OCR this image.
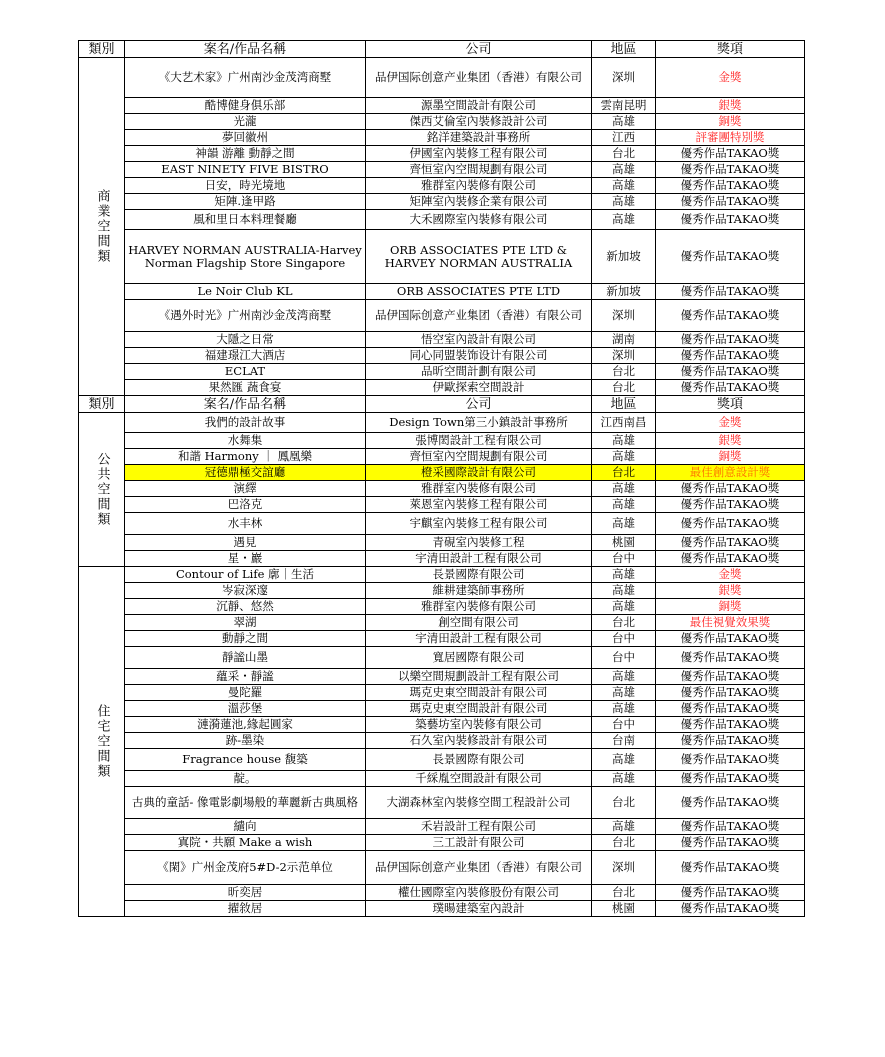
類別	案名/作品名稱	公司	地區	獎項
商業空間類	《大艺术家》广州南沙金茂湾商墅	品伊国际创意产业集团（香港）有限公司	深圳	金獎
	酷博健身俱乐部	源墨空間設計有限公司	雲南昆明	銀獎
	光瀧	傑西艾倫室內裝修設計公司	高雄	銅獎
	夢回徽州	銘洋建築設計事務所	江西	評審團特別獎
	神韻 游離 動靜之間	伊國室內裝修工程有限公司	台北	優秀作品TAKAO獎
	EAST NINETY FIVE BISTRO	齊恒室內空間規劃有限公司	高雄	優秀作品TAKAO獎
	日安，時光境地	雅群室內裝修有限公司	高雄	優秀作品TAKAO獎
	矩陣.逢甲路	矩陣室內裝修企業有限公司	高雄	優秀作品TAKAO獎
	風和里日本料理餐廳	大禾國際室內裝修有限公司	高雄	優秀作品TAKAO獎
	HARVEY NORMAN AUSTRALIA-Harvey Norman Flagship Store Singapore	ORB ASSOCIATES PTE LTD & HARVEY NORMAN AUSTRALIA	新加坡	優秀作品TAKAO獎
	Le Noir Club KL	ORB ASSOCIATES PTE LTD	新加坡	優秀作品TAKAO獎
	《遇外时光》广州南沙金茂湾商墅	品伊国际创意产业集团（香港）有限公司	深圳	優秀作品TAKAO獎
	大隱之日常	悟空室內設計有限公司	湖南	優秀作品TAKAO獎
	福建璟江大酒店	同心同盟裝饰设计有限公司	深圳	優秀作品TAKAO獎
	ECLAT	品昕空間計劃有限公司	台北	優秀作品TAKAO獎
	果然匯 蔬食宴	伊歐探索空間設計	台北	優秀作品TAKAO獎
類別	案名/作品名稱	公司	地區	獎項
公共空間類	我們的設計故事	Design Town第三小鎮設計事務所	江西南昌	金獎
	水舞集	張博閎設計工程有限公司	高雄	銀獎
	和諧 Harmony ｜ 鳳凰樂	齊恒室內空間規劃有限公司	高雄	銅獎
	冠德鼎極交誼廳	橙采國際設計有限公司	台北	最佳創意設計獎
	演繹	雅群室內裝修有限公司	高雄	優秀作品TAKAO獎
	巴洛克	萊恩室內裝修工程有限公司	高雄	優秀作品TAKAO獎
	水丰林	宇麒室內裝修工程有限公司	高雄	優秀作品TAKAO獎
	遇見	青硯室內裝修工程	桃園	優秀作品TAKAO獎
	星・巖	宇清田設計工程有限公司	台中	優秀作品TAKAO獎
住宅空間類	Contour of Life 廓｜生活	長景國際有限公司	高雄	金獎
	岑寂深邃	維耕建築師事務所	高雄	銀獎
	沉靜、悠然	雅群室內裝修有限公司	高雄	銅獎
	翠湖	創空間有限公司	台北	最佳視覺效果獎
	動靜之間	宇清田設計工程有限公司	台中	優秀作品TAKAO獎
	靜謐山墨	寬居國際有限公司	台中	優秀作品TAKAO獎
	蘊采・靜謐	以樂空間規劃設計工程有限公司	高雄	優秀作品TAKAO獎
	曼陀羅	瑪克史東空間設計有限公司	高雄	優秀作品TAKAO獎
	溫莎堡	瑪克史東空間設計有限公司	高雄	優秀作品TAKAO獎
	漣漪蓮池,緣起圓家	築藝坊室內裝修有限公司	台中	優秀作品TAKAO獎
	跡-墨染	石久室內裝修設計有限公司	台南	優秀作品TAKAO獎
	Fragrance house 馥築	長景國際有限公司	高雄	優秀作品TAKAO獎
	靛。	千綵胤空間設計有限公司	高雄	優秀作品TAKAO獎
	古典的童話- 像電影劇場般的華麗新古典風格	大湖森林室內裝修空間工程設計公司	台北	優秀作品TAKAO獎
	繾向	禾岩設計工程有限公司	高雄	優秀作品TAKAO獎
	寘院・共願 Make a wish	三工設計有限公司	台北	優秀作品TAKAO獎
	《閑》广州金茂府5#D-2示范单位	品伊国际创意产业集团（香港）有限公司	深圳	優秀作品TAKAO獎
	昕奕居	權仕國際室內裝修股份有限公司	台北	優秀作品TAKAO獎
	擢敘居	璞暘建築室內設計	桃園	優秀作品TAKAO獎
